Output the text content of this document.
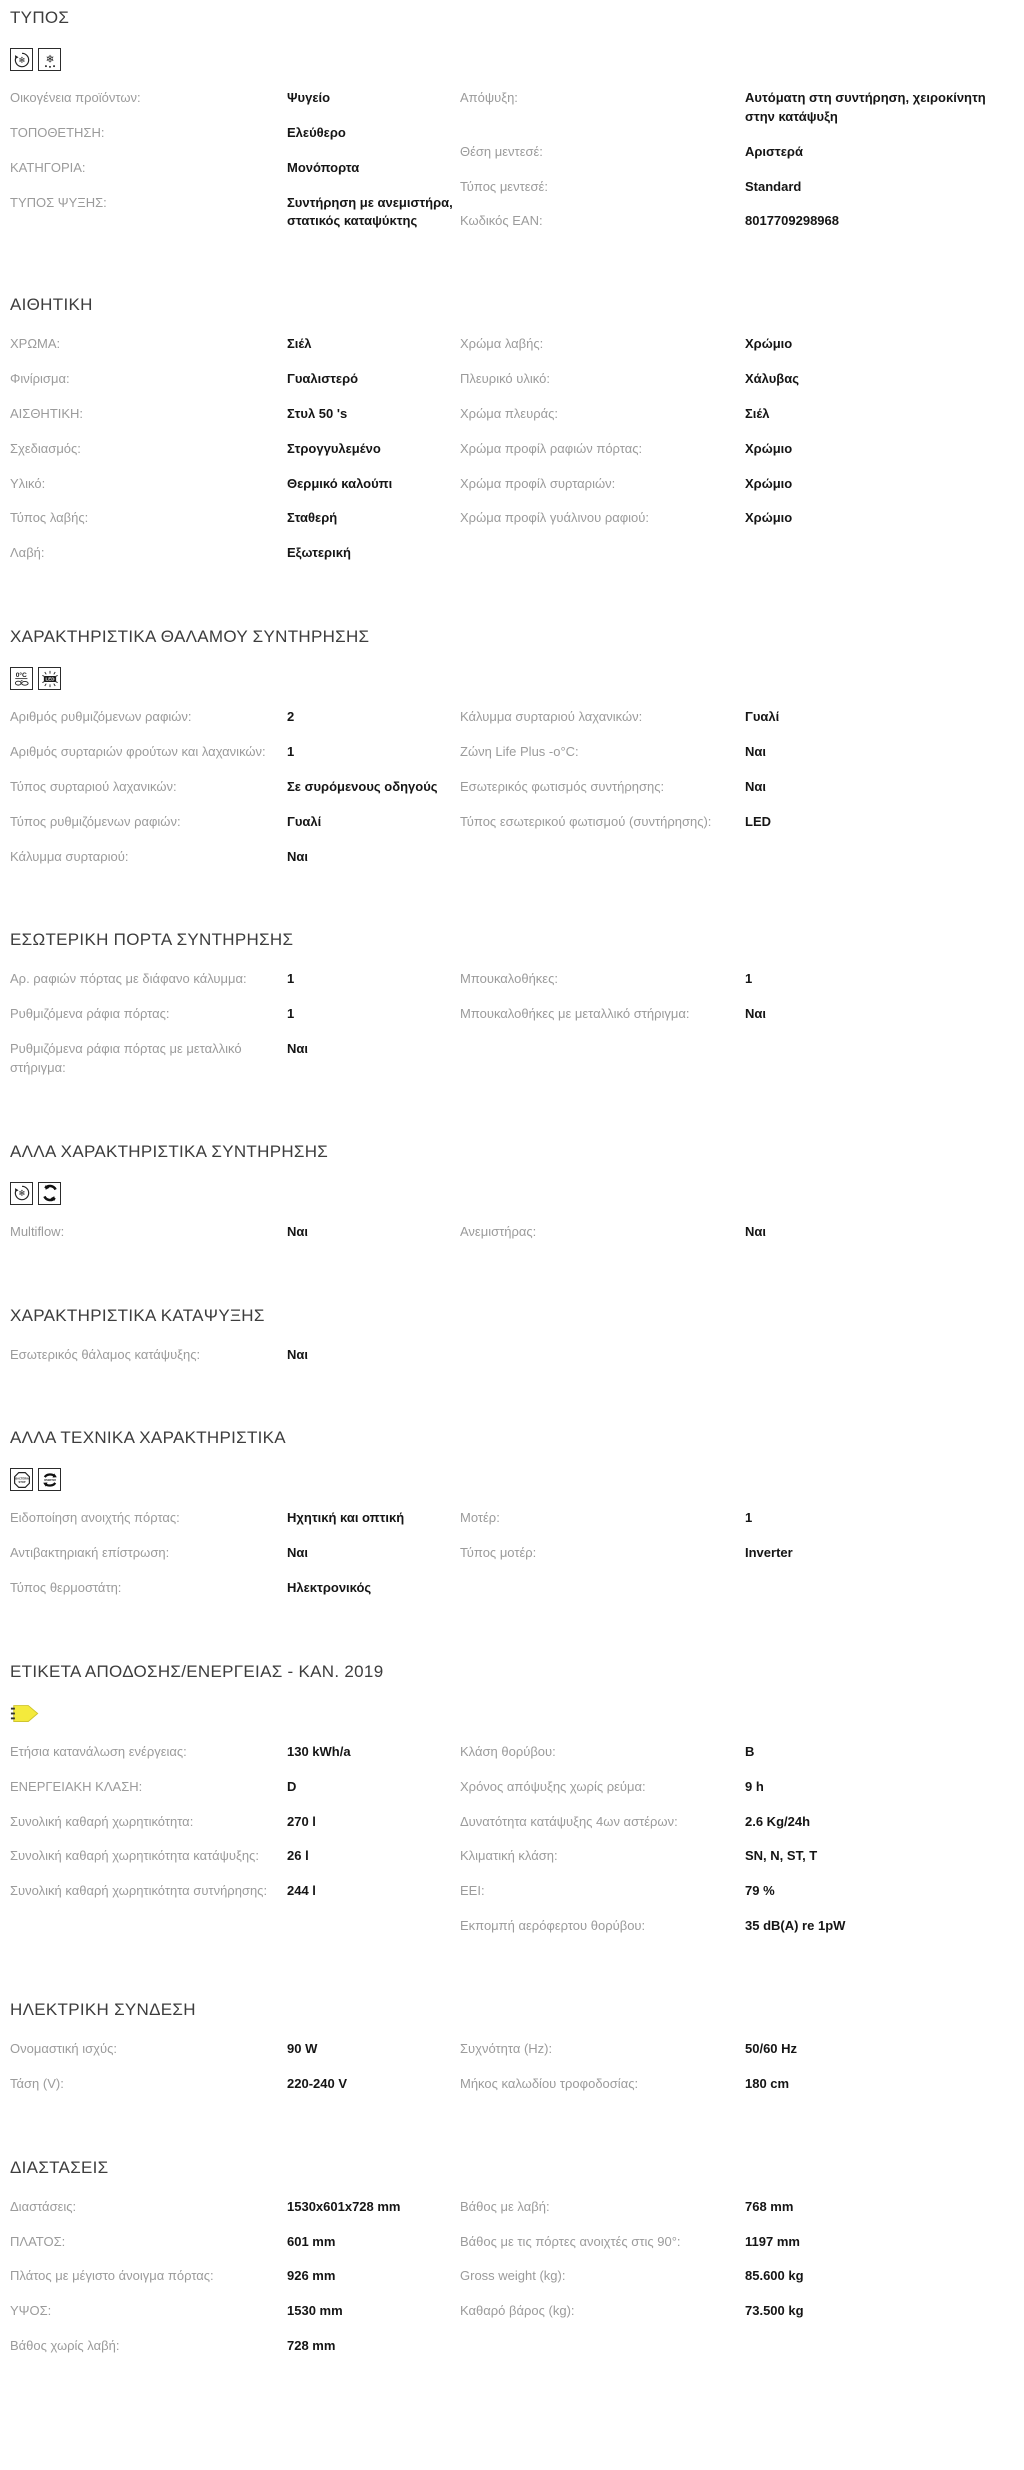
ΤΥΠΟΣ
❄ ❄
Οικογένεια προϊόντων:	Ψυγείο
ΤΟΠΟΘΕΤΗΣΗ:	Ελεύθερο
ΚΑΤΗΓΟΡΙΑ:	Μονόπορτα
ΤΥΠΟΣ ΨΥΞΗΣ:	Συντήρηση με ανεμιστήρα, στατικός καταψύκτης
Απόψυξη:	Αυτόματη στη συντήρηση, χειροκίνητη στην κατάψυξη
Θέση μεντεσέ:	Αριστερά
Τύπος μεντεσέ:	Standard
Κωδικός EAN:	8017709298968
ΑΙΘΗΤΙΚΗ
ΧΡΩΜΑ:	Σιέλ
Φινίρισμα:	Γυαλιστερό
ΑΙΣΘΗΤΙΚΗ:	Στυλ 50 's
Σχεδιασμός:	Στρογγυλεμένο
Υλικό:	Θερμικό καλούπι
Τύπος λαβής:	Σταθερή
Λαβή:	Εξωτερική
Χρώμα λαβής:	Χρώμιο
Πλευρικό υλικό:	Χάλυβας
Χρώμα πλευράς:	Σιέλ
Χρώμα προφίλ ραφιών πόρτας:	Χρώμιο
Χρώμα προφίλ συρταριών:	Χρώμιο
Χρώμα προφίλ γυάλινου ραφιού:	Χρώμιο
ΧΑΡΑΚΤΗΡΙΣΤΙΚΑ ΘΑΛΑΜΟΥ ΣΥΝΤΗΡΗΣΗΣ
0°C	LED
Αριθμός ρυθμιζόμενων ραφιών:	2
Αριθμός συρταριών φρούτων και λαχανικών:	1
Τύπος συρταριού λαχανικών:	Σε συρόμενους οδηγούς
Τύπος ρυθμιζόμενων ραφιών:	Γυαλί
Κάλυμμα συρταριού:	Ναι
Κάλυμμα συρταριού λαχανικών:	Γυαλί
Ζώνη Life Plus -ο°C:	Ναι
Εσωτερικός φωτισμός συντήρησης:	Ναι
Τύπος εσωτερικού φωτισμού (συντήρησης):	LED
ΕΣΩΤΕΡΙΚΗ ΠΟΡΤΑ ΣΥΝΤΗΡΗΣΗΣ
Αρ. ραφιών πόρτας με διάφανο κάλυμμα:	1
Ρυθμιζόμενα ράφια πόρτας:	1
Ρυθμιζόμενα ράφια πόρτας με μεταλλικό στήριγμα:
Ναι
Μπουκαλοθήκες:	1
Μπουκαλοθήκες με μεταλλικό στήριγμα:	Ναι
ΑΛΛΑ ΧΑΡΑΚΤΗΡΙΣΤΙΚΑ ΣΥΝΤΗΡΗΣΗΣ
❄
Multiflow:	Ναι	Ανεμιστήρας:	Ναι
ΧΑΡΑΚΤΗΡΙΣΤΙΚΑ ΚΑΤΑΨΥΞΗΣ
Εσωτερικός θάλαμος κατάψυξης:	Ναι
ΑΛΛΑ ΤΕΧΝΙΚΑ ΧΑΡΑΚΤΗΡΙΣΤΙΚΑ
BACTERIA
STOP	INVERTER
Ειδοποίηση ανοιχτής πόρτας:	Ηχητική και οπτική
Αντιβακτηριακή επίστρωση:	Ναι
Τύπος θερμοστάτη:	Ηλεκτρονικός
Μοτέρ:	1
Τύπος μοτέρ:	Inverter
ΕΤΙΚΕΤΑ ΑΠΟΔΟΣΗΣ/ΕΝΕΡΓΕΙΑΣ - ΚΑΝ. 2019
Ετήσια κατανάλωση ενέργειας:	130 kWh/a
ΕΝΕΡΓΕΙΑΚΗ ΚΛΑΣΗ:	D
Συνολική καθαρή χωρητικότητα:	270 l
Συνολική καθαρή χωρητικότητα κατάψυξης:	26 l
Συνολική καθαρή χωρητικότητα συτνήρησης:	244 l
Κλάση θορύβου:	B
Χρόνος απόψυξης χωρίς ρεύμα:	9 h
Δυνατότητα κατάψυξης 4ων αστέρων:	2.6 Kg/24h
Κλιματική κλάση:	SN, N, ST, T
EEI:	79 %
Εκπομπή αερόφερτου θορύβου:	35 dB(A) re 1pW
ΗΛΕΚΤΡΙΚΗ ΣΥΝΔΕΣΗ
Ονομαστική ισχύς:	90 W
Τάση (V):	220-240 V
Συχνότητα (Hz):	50/60 Hz
Μήκος καλωδίου τροφοδοσίας:	180 cm
ΔΙΑΣΤΑΣΕΙΣ
Διαστάσεις:	1530x601x728 mm
ΠΛΑΤΟΣ:	601 mm
Πλάτος με μέγιστο άνοιγμα πόρτας:	926 mm
ΥΨΟΣ:	1530 mm
Βάθος χωρίς λαβή:	728 mm
Βάθος με λαβή:	768 mm
Βάθος με τις πόρτες ανοιχτές στις 90°:	1197 mm
Gross weight (kg):	85.600 kg
Καθαρό βάρος (kg):	73.500 kg
